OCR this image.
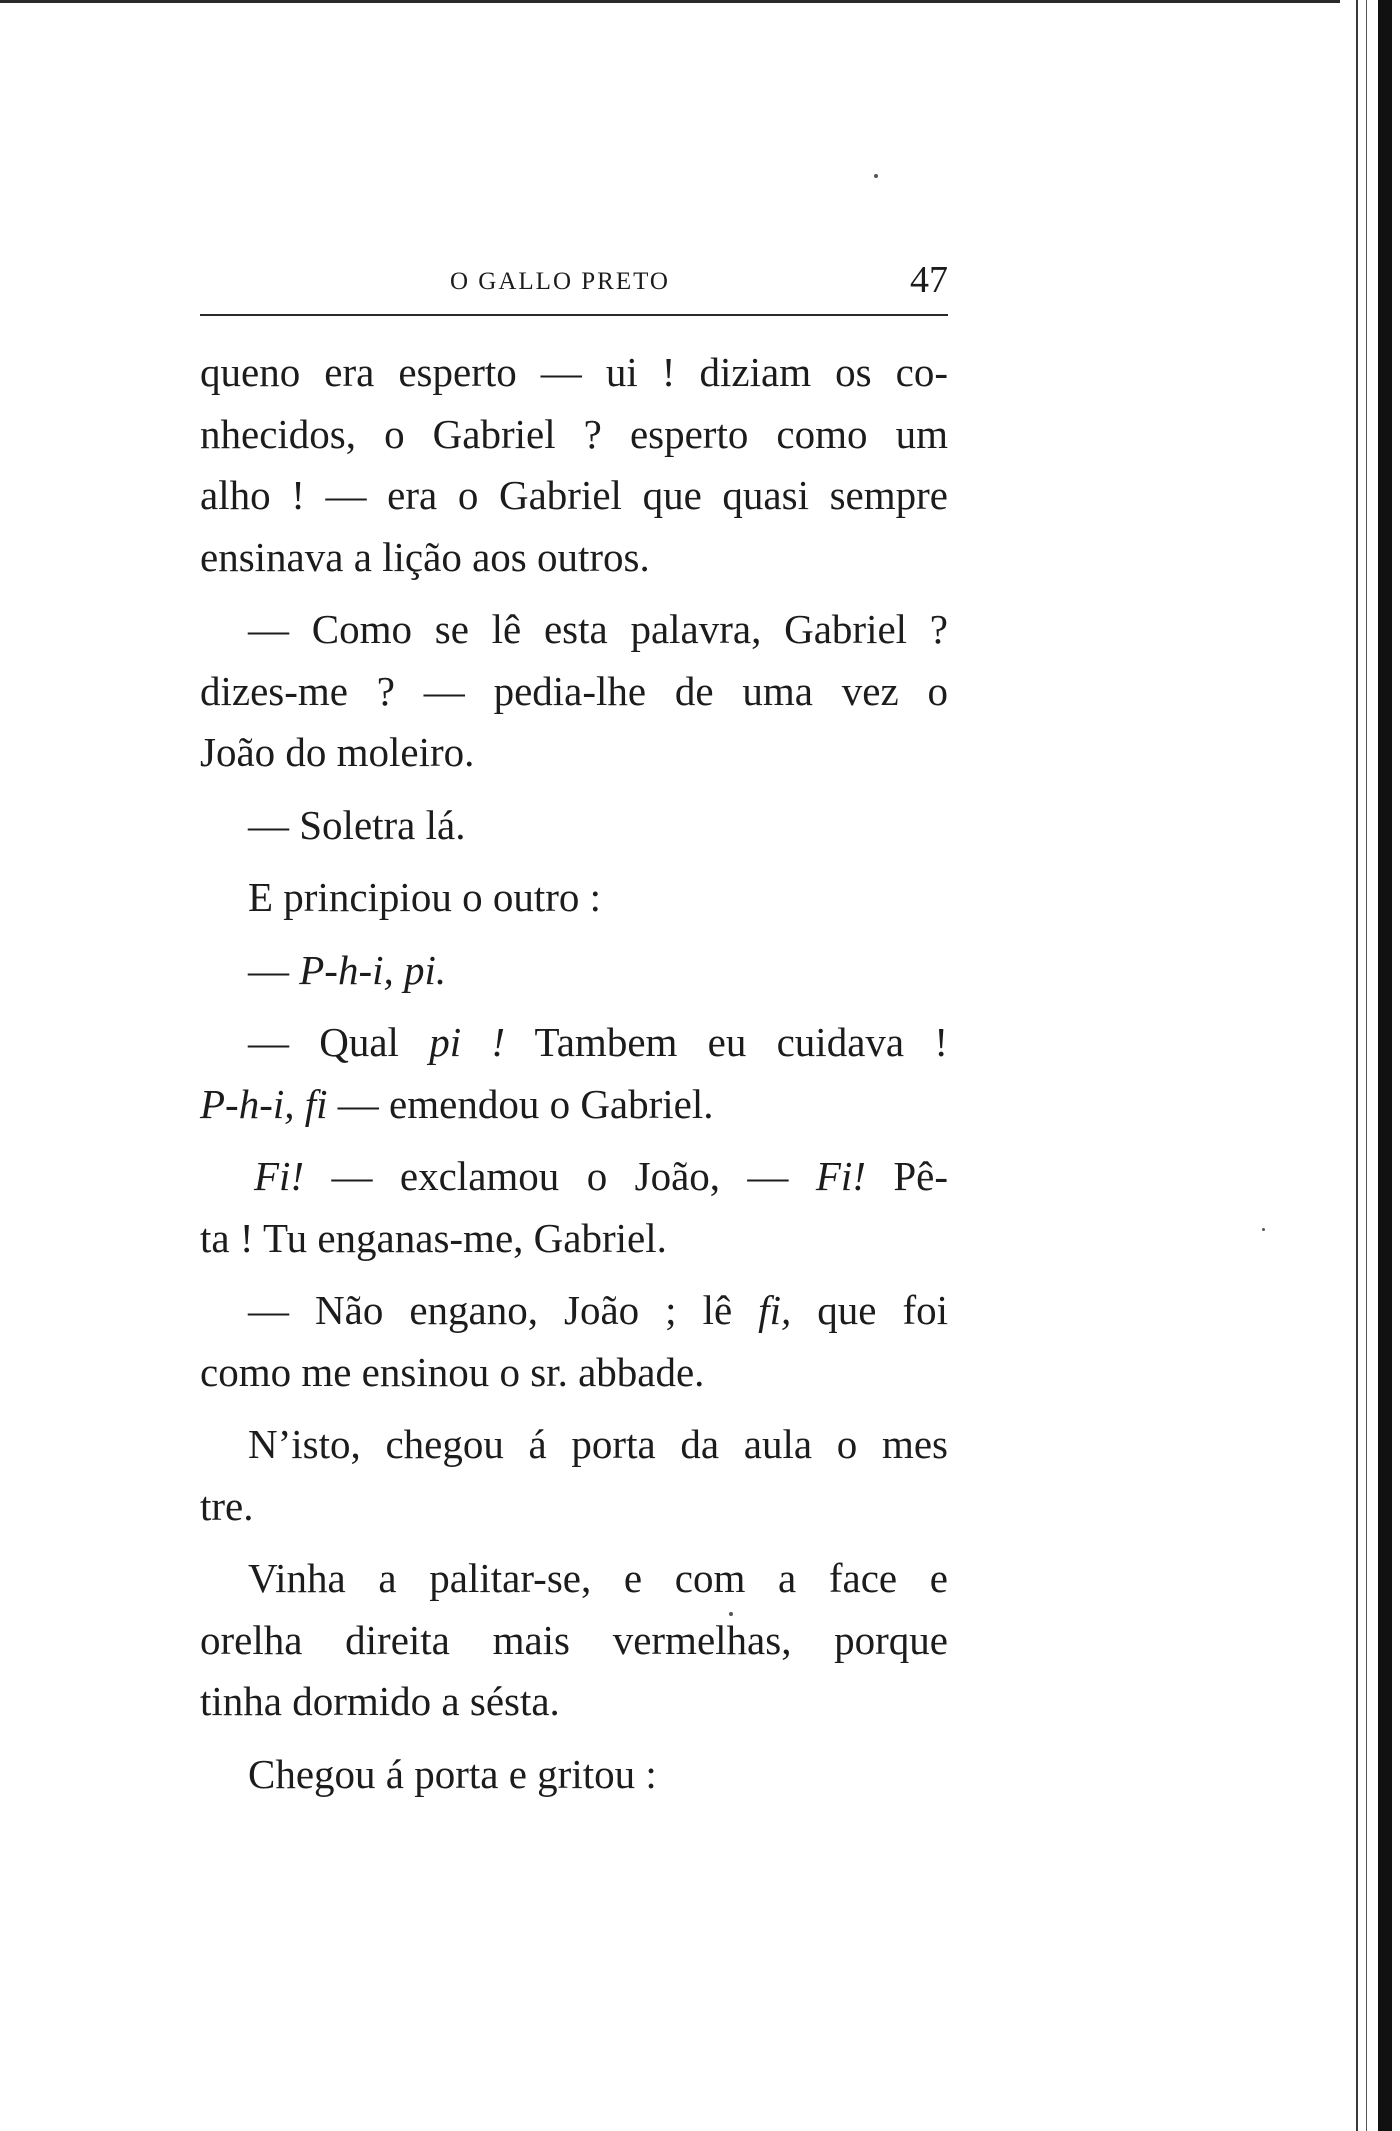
O GALLO PRETO	47
queno era esperto — ui ! diziam os co-
nhecidos, o Gabriel ? esperto como um
alho ! — era o Gabriel que quasi sempre
ensinava a lição aos outros.
— Como se lê esta palavra, Gabriel ?
dizes-me ? — pedia-lhe de uma vez o
João do moleiro.
— Soletra lá.
E principiou o outro :
— P-h-i, pi.
— Qual pi ! Tambem eu cuidava !
P-h-i, fi — emendou o Gabriel.
Fi! — exclamou o João, — Fi! Pê-
ta ! Tu enganas-me, Gabriel.
— Não engano, João ; lê fi, que foi
como me ensinou o sr. abbade.
N’isto, chegou á porta da aula o mes
tre.
Vinha a palitar-se, e com a face e
orelha direita mais vermelhas, porque
tinha dormido a sésta.
Chegou á porta e gritou :
